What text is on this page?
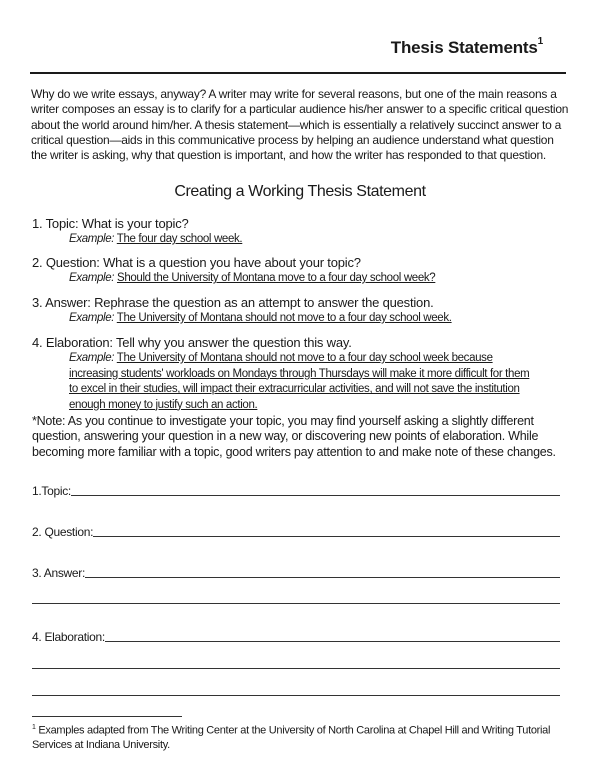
Thesis Statements$^1$

Why do we write essays, anyway? A writer may write for several reasons, but one of the main reasons a writer composes an essay is to clarify for a particular audience his/her answer to a specific critical question about the world around him/her. A thesis statement—which is essentially a relatively succinct answer to a critical question—aids in this communicative process by helping an audience understand what question the writer is asking, why that question is important, and how the writer has responded to that question.

Creating a Working Thesis Statement
1. Topic: What is your topic?
Example: The four day school week.
2. Question: What is a question you have about your topic?
Example: Should the University of Montana move to a four day school week?
3. Answer: Rephrase the question as an attempt to answer the question.
Example: The University of Montana should not move to a four day school week.
4. Elaboration: Tell why you answer the question this way.
Example: The University of Montana should not move to a four day school week because increasing students' workloads on Mondays through Thursdays will make it more difficult for them to excel in their studies, will impact their extracurricular activities, and will not save the institution enough money to justify such an action.

*Note: As you continue to investigate your topic, you may find yourself asking a slightly different question, answering your question in a new way, or discovering new points of elaboration. While becoming more familiar with a topic, good writers pay attention to and make note of these changes.

1.Topic:
2. Question:
3. Answer:
4. Elaboration:

$^1$ Examples adapted from The Writing Center at the University of North Carolina at Chapel Hill and Writing Tutorial Services at Indiana University.
